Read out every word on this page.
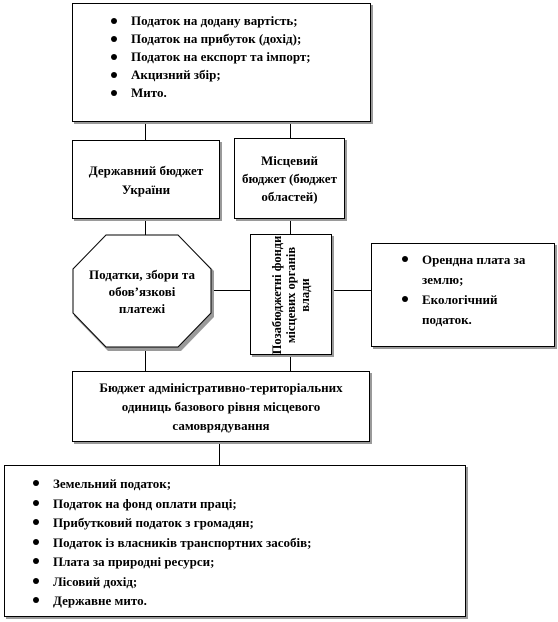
Податок на додану вартість;
Податок на прибуток (дохід);
Податок на експорт та імпорт;
Акцизний збір;
Мито.
Державний бюджет України
Місцевий бюджет (бюджет областей)
Податки, збори та обов’язкові платежі	Позабюджетні фонди місцевих органів влади
Орендна плата за землю;
Екологічний податок.
Бюджет адміністративно-територіальних одиниць базового рівня місцевого самоврядування
Земельний податок;
Податок на фонд оплати праці;
Прибутковий податок з громадян;
Податок із власників транспортних засобів;
Плата за природні ресурси;
Лісовий дохід;
Державне мито.
